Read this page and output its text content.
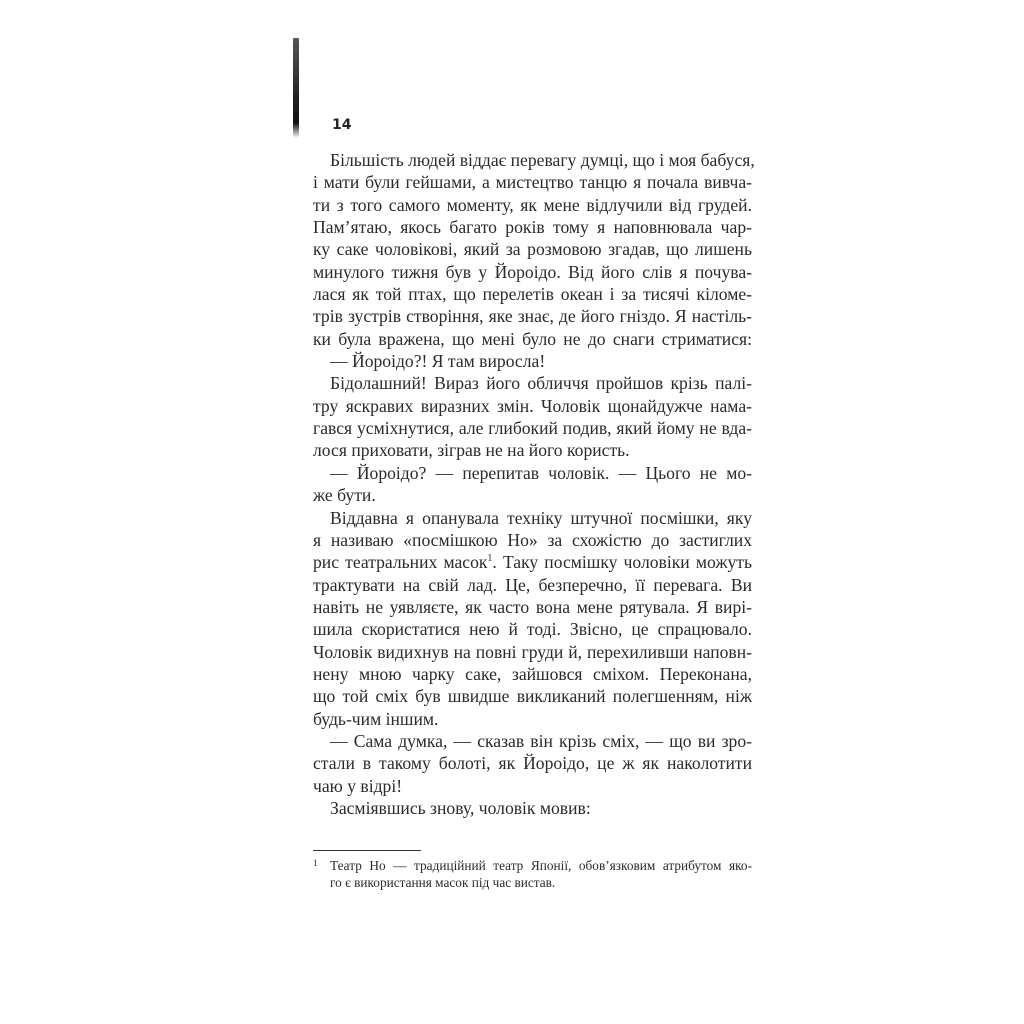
14
Більшість людей віддає перевагу думці, що і моя бабуся,
і мати були гейшами, а мистецтво танцю я почала вивча-
ти з того самого моменту, як мене відлучили від грудей.
Пам’ятаю, якось багато років тому я наповнювала чар-
ку саке чоловікові, який за розмовою згадав, що лишень
минулого тижня був у Йороідо. Від його слів я почува-
лася як той птах, що перелетів океан і за тисячі кіломе-
трів зустрів створіння, яке знає, де його гніздо. Я настіль-
ки була вражена, що мені було не до снаги стриматися:
— Йороідо?! Я там виросла!
Бідолашний! Вираз його обличчя пройшов крізь палі-
тру яскравих виразних змін. Чоловік щонайдужче нама-
гався усміхнутися, але глибокий подив, який йому не вда-
лося приховати, зіграв не на його користь.
— Йороідо? — перепитав чоловік. — Цього не мо-
же бути.
Віддавна я опанувала техніку штучної посмішки, яку
я називаю «посмішкою Но» за схожістю до застиглих
рис театральних масок$^1$. Таку посмішку чоловіки можуть
трактувати на свій лад. Це, безперечно, її перевага. Ви
навіть не уявляєте, як часто вона мене рятувала. Я вирі-
шила скористатися нею й тоді. Звісно, це спрацювало.
Чоловік видихнув на повні груди й, перехиливши наповн-
нену мною чарку саке, зайшовся сміхом. Переконана,
що той сміх був швидше викликаний полегшенням, ніж
будь-чим іншим.
— Сама думка, — сказав він крізь сміх, — що ви зро-
стали в такому болоті, як Йороідо, це ж як наколотити
чаю у відрі!
Засміявшись знову, чоловік мовив:
1 Театр Но — традиційний театр Японії, обов’язковим атрибутом яко-
го є використання масок під час вистав.
